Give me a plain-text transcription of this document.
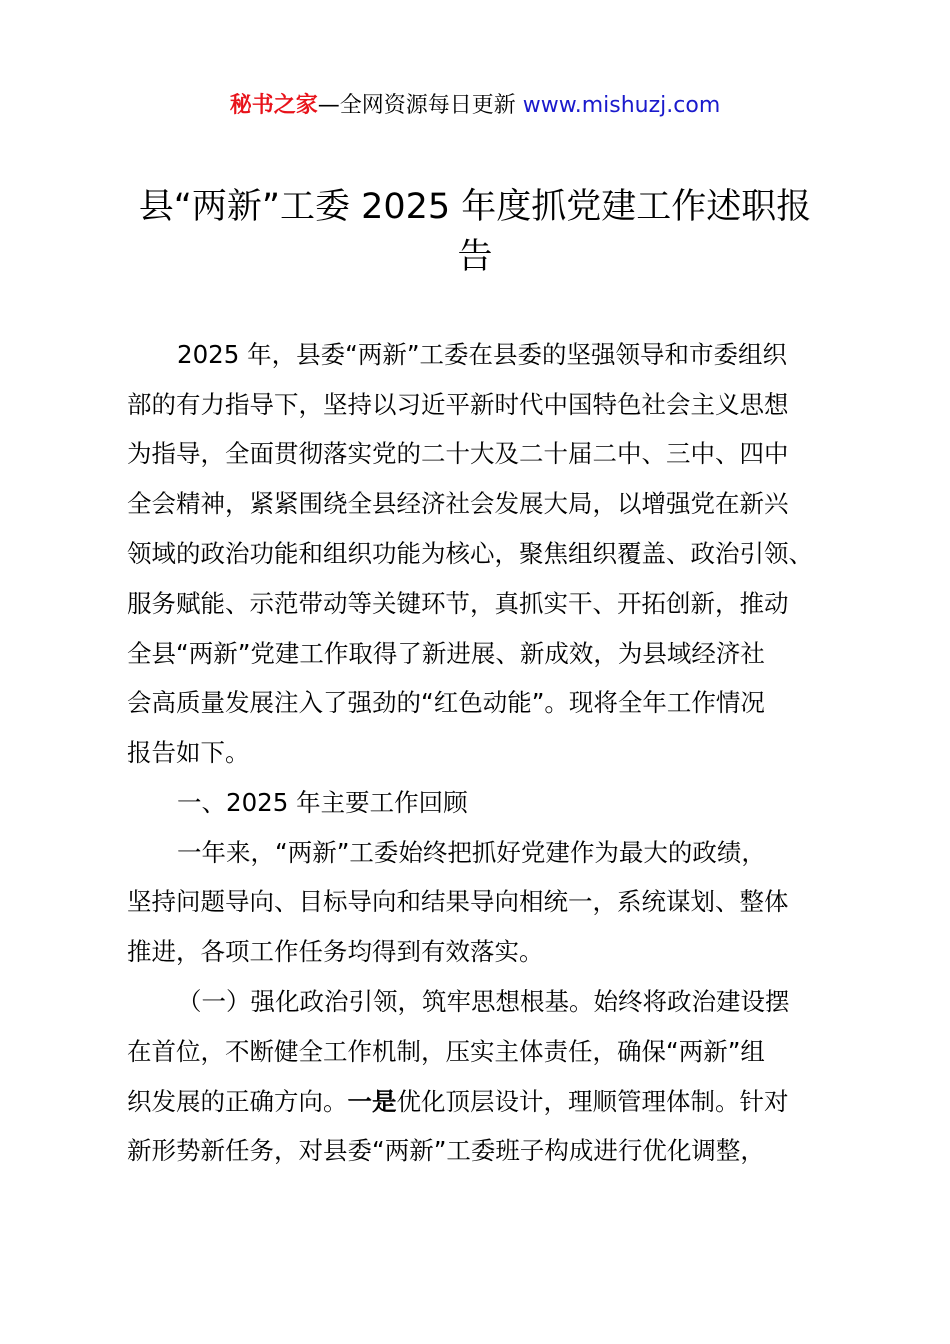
秘书之家—全网资源每日更新 www.mishuzj.com
县“两新”工委 2025 年度抓党建工作述职报
告
2025 年，县委“两新”工委在县委的坚强领导和市委组织
部的有力指导下，坚持以习近平新时代中国特色社会主义思想
为指导，全面贯彻落实党的二十大及二十届二中、三中、四中
全会精神，紧紧围绕全县经济社会发展大局，以增强党在新兴
领域的政治功能和组织功能为核心，聚焦组织覆盖、政治引领、
服务赋能、示范带动等关键环节，真抓实干、开拓创新，推动
全县“两新”党建工作取得了新进展、新成效，为县域经济社
会高质量发展注入了强劲的“红色动能”。现将全年工作情况
报告如下。
一、2025 年主要工作回顾
一年来，“两新”工委始终把抓好党建作为最大的政绩，
坚持问题导向、目标导向和结果导向相统一，系统谋划、整体
推进，各项工作任务均得到有效落实。
（一）强化政治引领，筑牢思想根基。始终将政治建设摆
在首位，不断健全工作机制，压实主体责任，确保“两新”组
织发展的正确方向。一是优化顶层设计，理顺管理体制。针对
新形势新任务，对县委“两新”工委班子构成进行优化调整，
